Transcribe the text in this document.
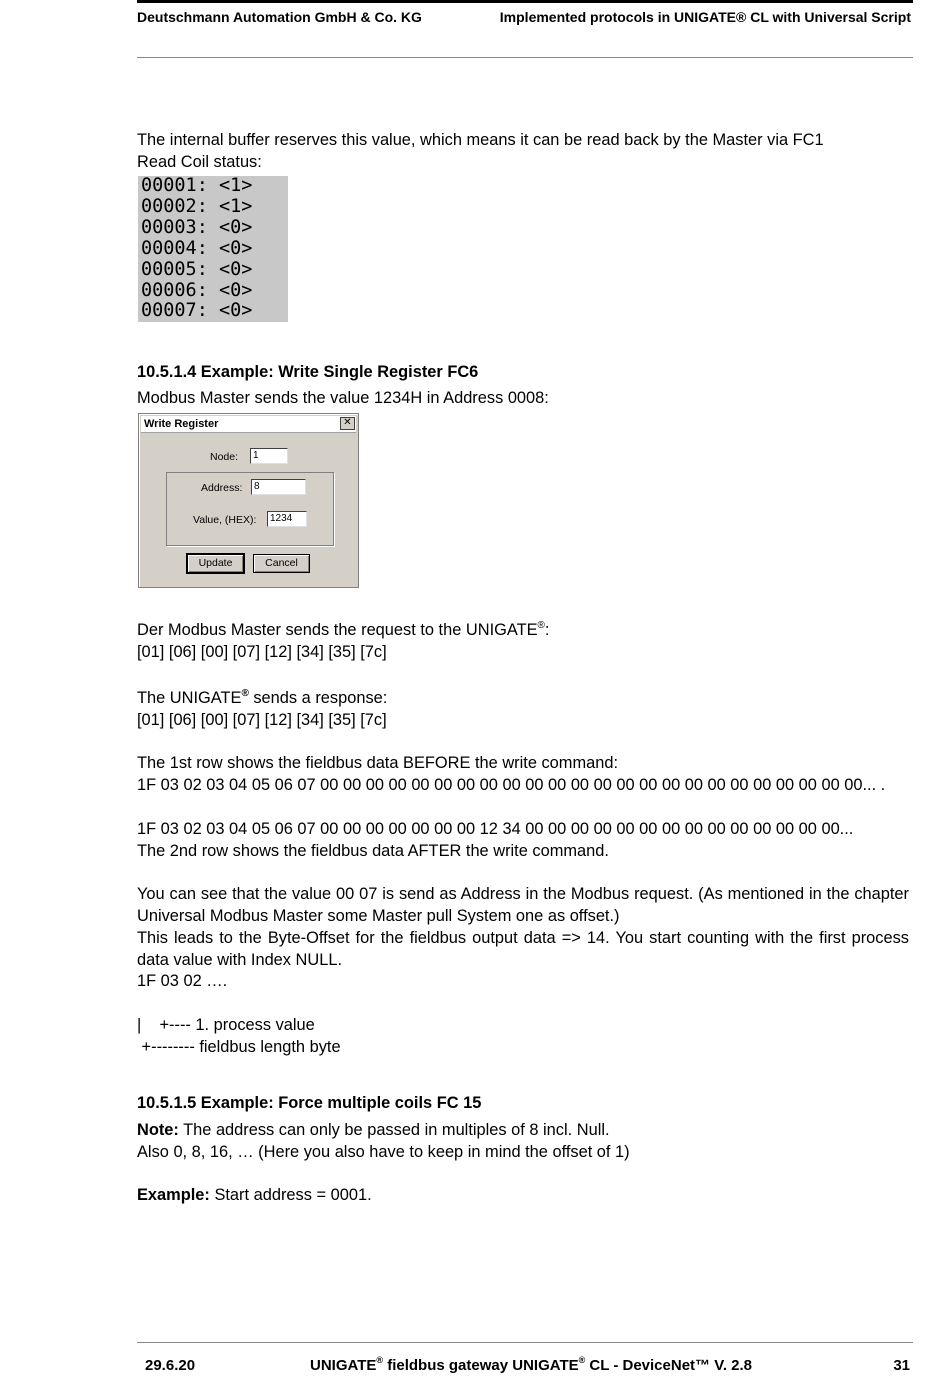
Deutschmann Automation GmbH & Co. KG	Implemented protocols in UNIGATE® CL with Universal Script
The internal buffer reserves this value, which means it can be read back by the Master via FC1
Read Coil status:
00001: <1>
00002: <1>
00003: <0>
00004: <0>
00005: <0>
00006: <0>
00007: <0>
10.5.1.4 Example: Write Single Register FC6
Modbus Master sends the value 1234H in Address 0008:
Write Register	✕
Node:	1
Address:	8
Value, (HEX):	1234
Update	Cancel
Der Modbus Master sends the request to the UNIGATE®:
[01] [06] [00] [07] [12] [34] [35] [7c]
The UNIGATE® sends a response:
[01] [06] [00] [07] [12] [34] [35] [7c]
The 1st row shows the fieldbus data BEFORE the write command:
1F 03 02 03 04 05 06 07 00 00 00 00 00 00 00 00 00 00 00 00 00 00 00 00 00 00 00 00 00 00 00 00... .
1F 03 02 03 04 05 06 07 00 00 00 00 00 00 00 12 34 00 00 00 00 00 00 00 00 00 00 00 00 00 00...
The 2nd row shows the fieldbus data AFTER the write command.
You can see that the value 00 07 is send as Address in the Modbus request. (As mentioned in the chapter Universal Modbus Master some Master pull System one as offset.)
This leads to the Byte-Offset for the fieldbus output data => 14. You start counting with the first process data value with Index NULL.
1F 03 02 ….
|    +---- 1. process value
+-------- fieldbus length byte
10.5.1.5 Example: Force multiple coils FC 15
Note: The address can only be passed in multiples of 8 incl. Null.
Also 0, 8, 16, … (Here you also have to keep in mind the offset of 1)
Example: Start address = 0001.
29.6.20	UNIGATE® fieldbus gateway UNIGATE® CL - DeviceNet™ V. 2.8	31
